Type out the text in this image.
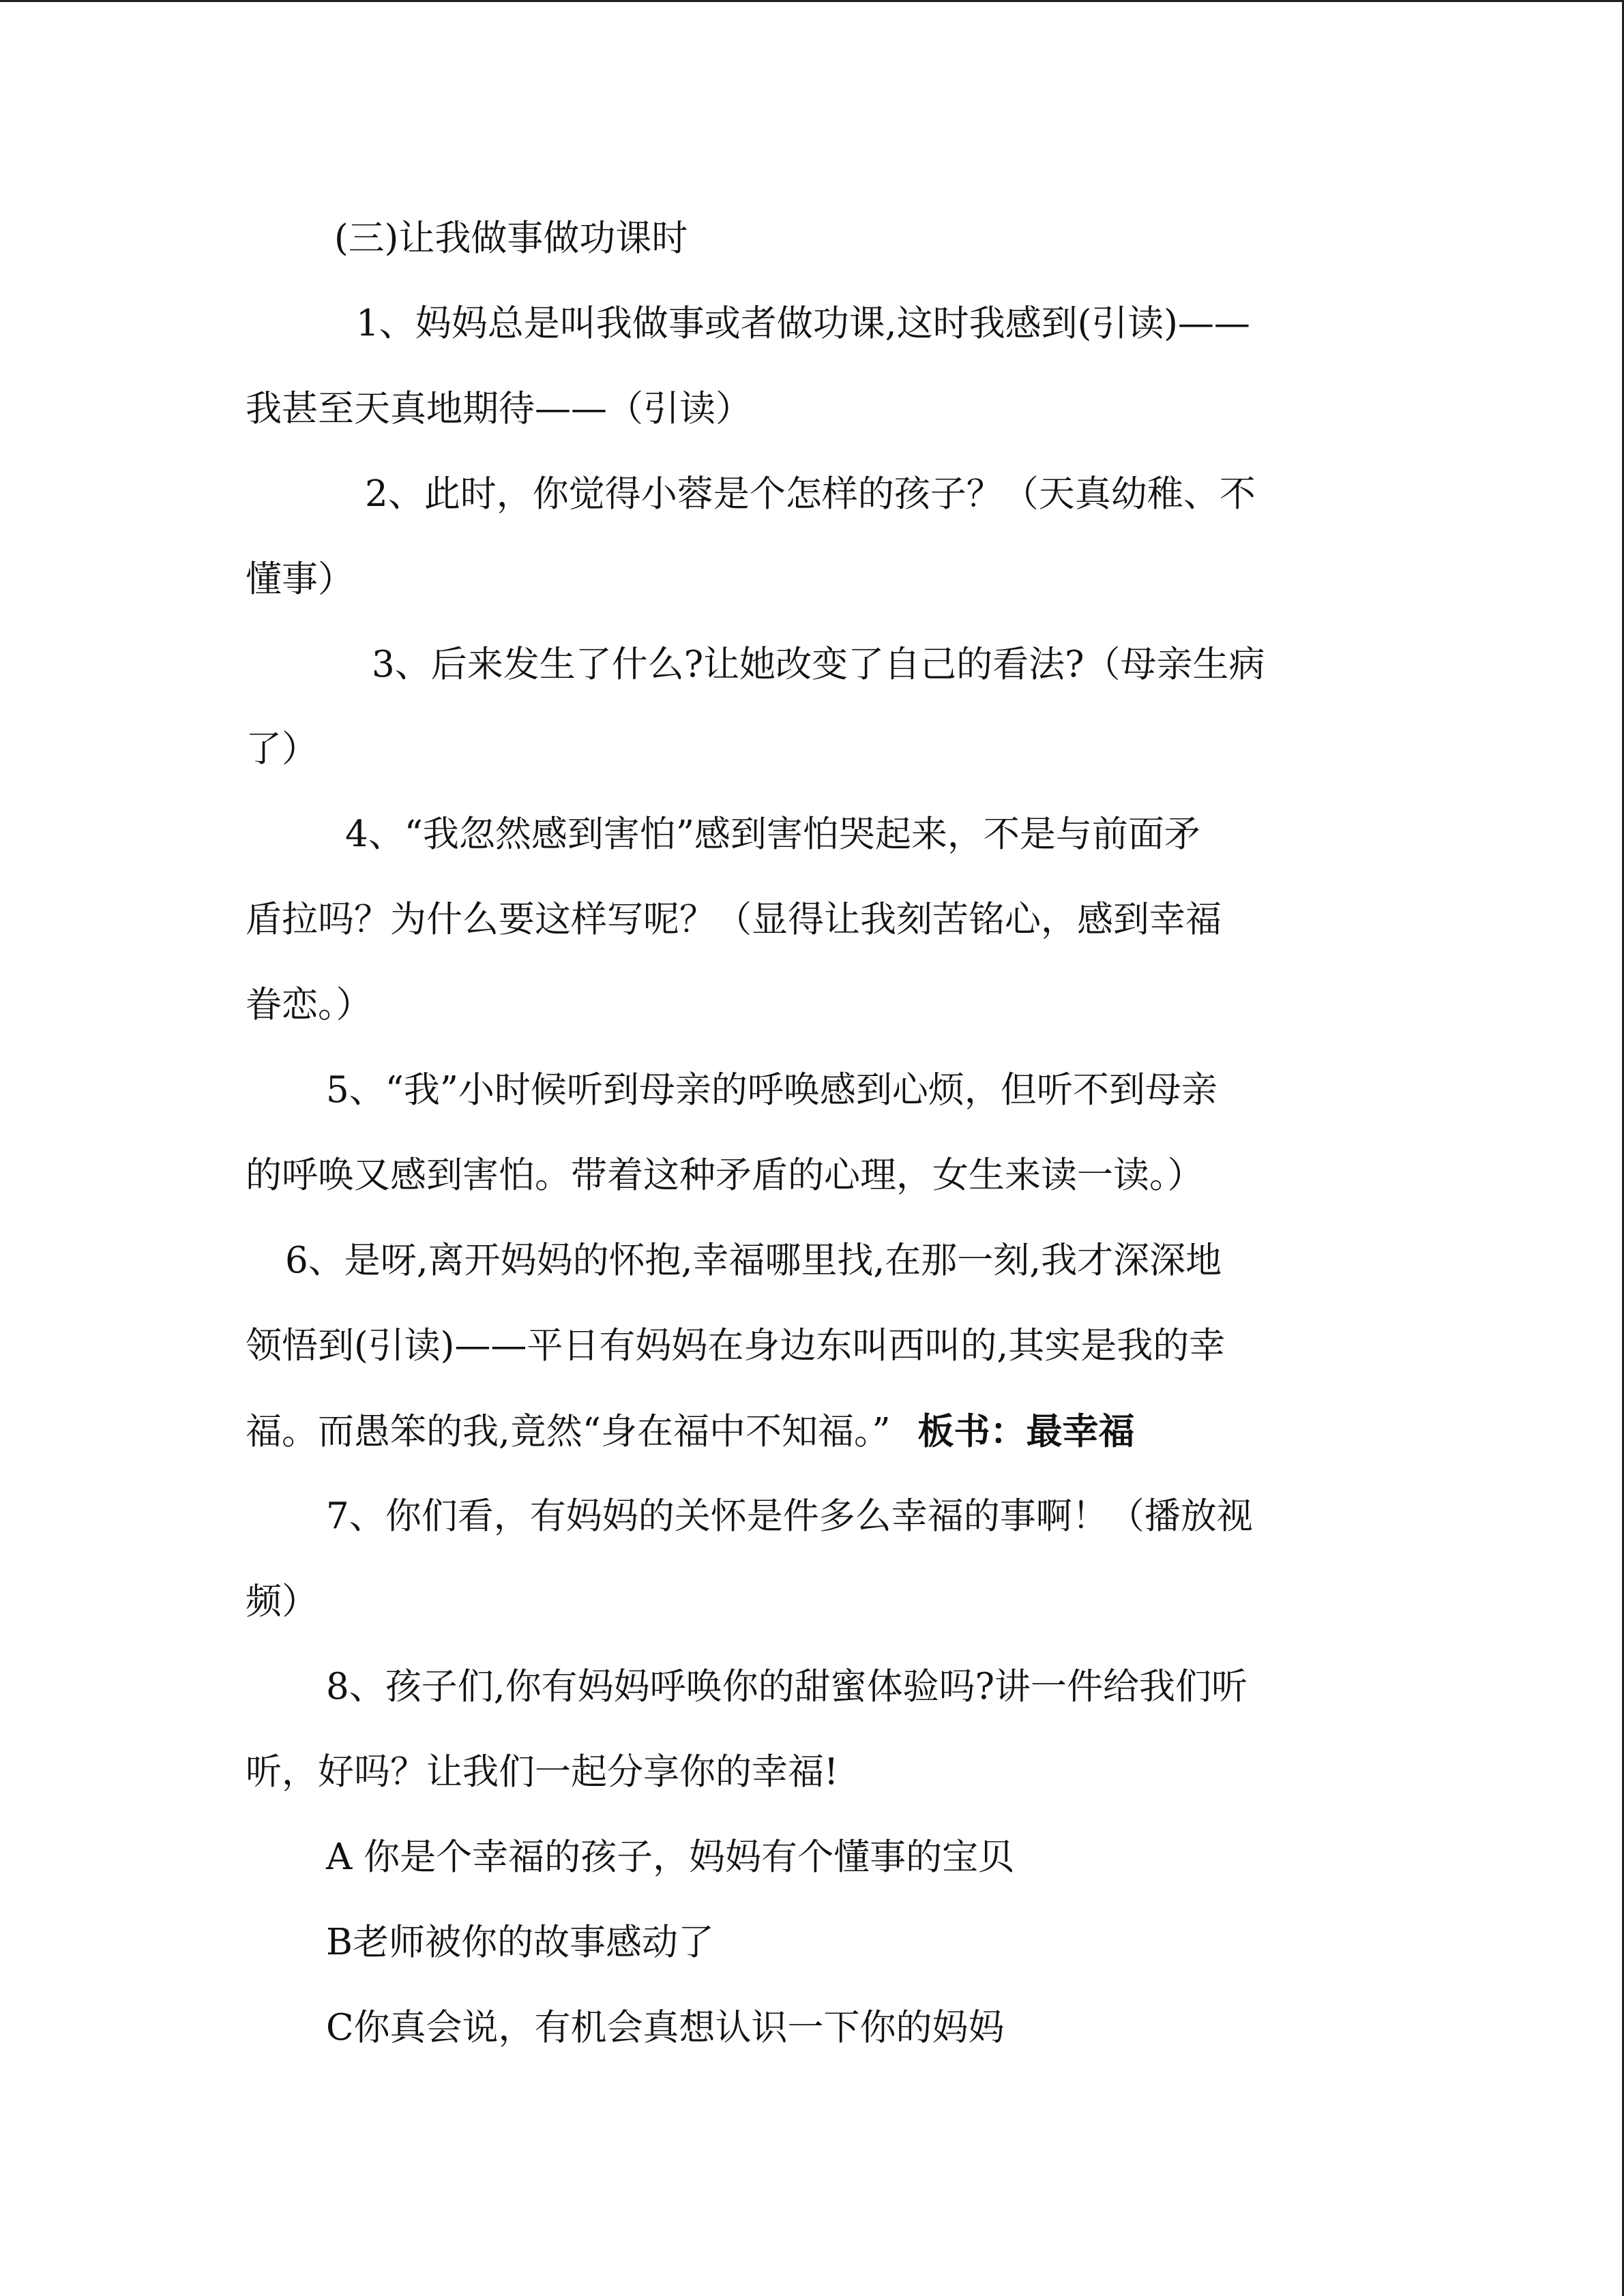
(三)让我做事做功课时

1、妈妈总是叫我做事或者做功课,这时我感到(引读)——

我甚至天真地期待——（引读）

2、此时，你觉得小蓉是个怎样的孩子？（天真幼稚、不

懂事）

3、后来发生了什么?让她改变了自己的看法?（母亲生病

了）

4、“我忽然感到害怕”感到害怕哭起来，不是与前面矛

盾拉吗？为什么要这样写呢？（显得让我刻苦铭心，感到幸福

眷恋。）

5、“我”小时候听到母亲的呼唤感到心烦，但听不到母亲

的呼唤又感到害怕。带着这种矛盾的心理，女生来读一读。）

6、是呀,离开妈妈的怀抱,幸福哪里找,在那一刻,我才深深地

领悟到(引读)——平日有妈妈在身边东叫西叫的,其实是我的幸

福。而愚笨的我,竟然“身在福中不知福。” 板书：最幸福

7、你们看，有妈妈的关怀是件多么幸福的事啊！（播放视

频）

8、孩子们,你有妈妈呼唤你的甜蜜体验吗?讲一件给我们听

听，好吗？让我们一起分享你的幸福!

A 你是个幸福的孩子，妈妈有个懂事的宝贝

B老师被你的故事感动了

C你真会说，有机会真想认识一下你的妈妈
